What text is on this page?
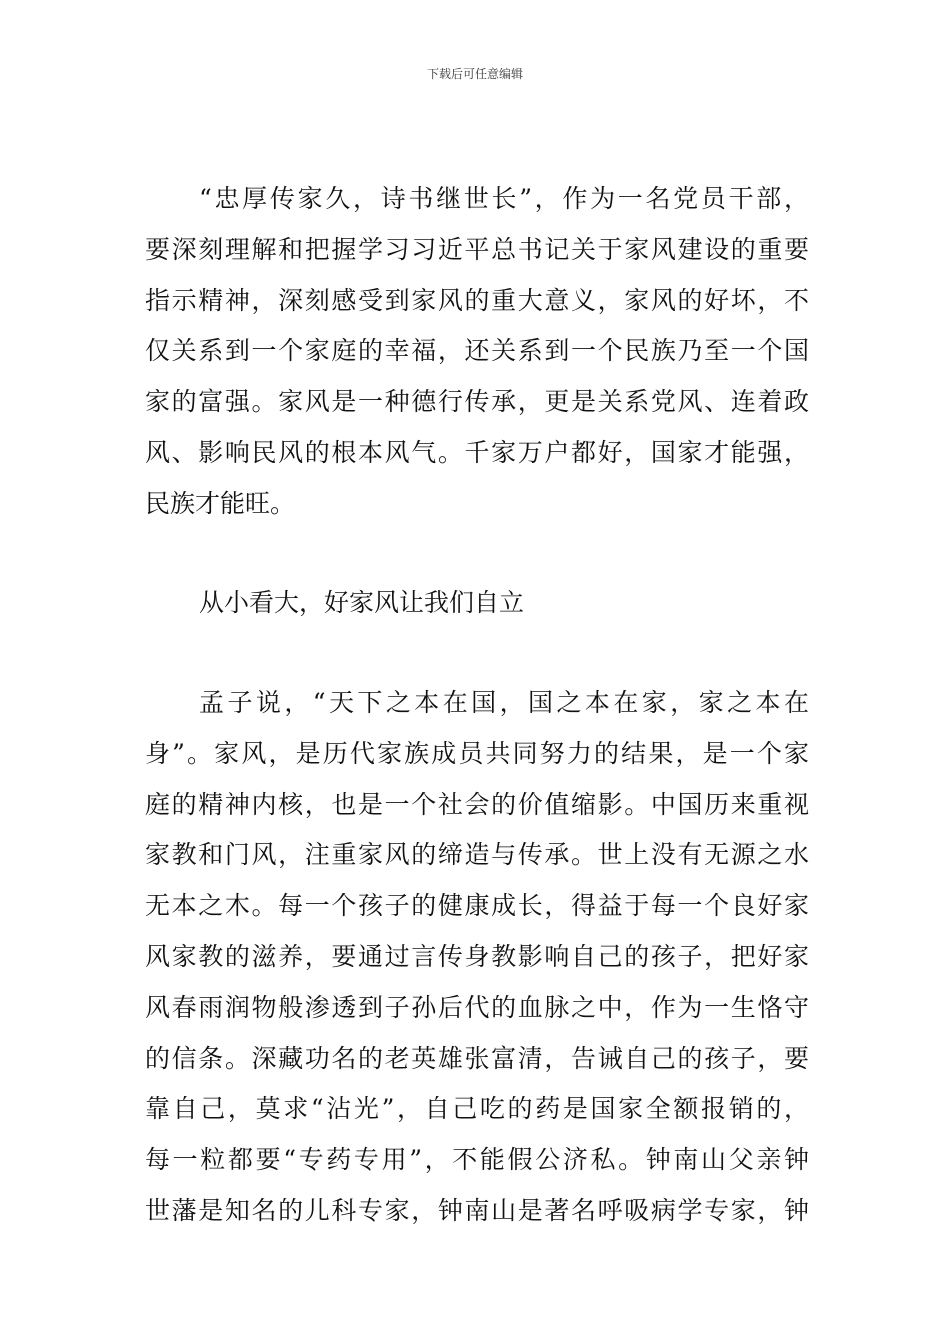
下载后可任意编辑
“忠厚传家久，诗书继世长”，作为一名党员干部，
要深刻理解和把握学习习近平总书记关于家风建设的重要
指示精神，深刻感受到家风的重大意义，家风的好坏，不
仅关系到一个家庭的幸福，还关系到一个民族乃至一个国
家的富强。家风是一种德行传承，更是关系党风、连着政
风、影响民风的根本风气。千家万户都好，国家才能强，
民族才能旺。
从小看大，好家风让我们自立
孟子说，“天下之本在国，国之本在家，家之本在
身”。家风，是历代家族成员共同努力的结果，是一个家
庭的精神内核，也是一个社会的价值缩影。中国历来重视
家教和门风，注重家风的缔造与传承。世上没有无源之水
无本之木。每一个孩子的健康成长，得益于每一个良好家
风家教的滋养，要通过言传身教影响自己的孩子，把好家
风春雨润物般渗透到子孙后代的血脉之中，作为一生恪守
的信条。深藏功名的老英雄张富清，告诫自己的孩子，要
靠自己，莫求“沾光”，自己吃的药是国家全额报销的，
每一粒都要“专药专用”，不能假公济私。钟南山父亲钟
世藩是知名的儿科专家，钟南山是著名呼吸病学专家，钟
